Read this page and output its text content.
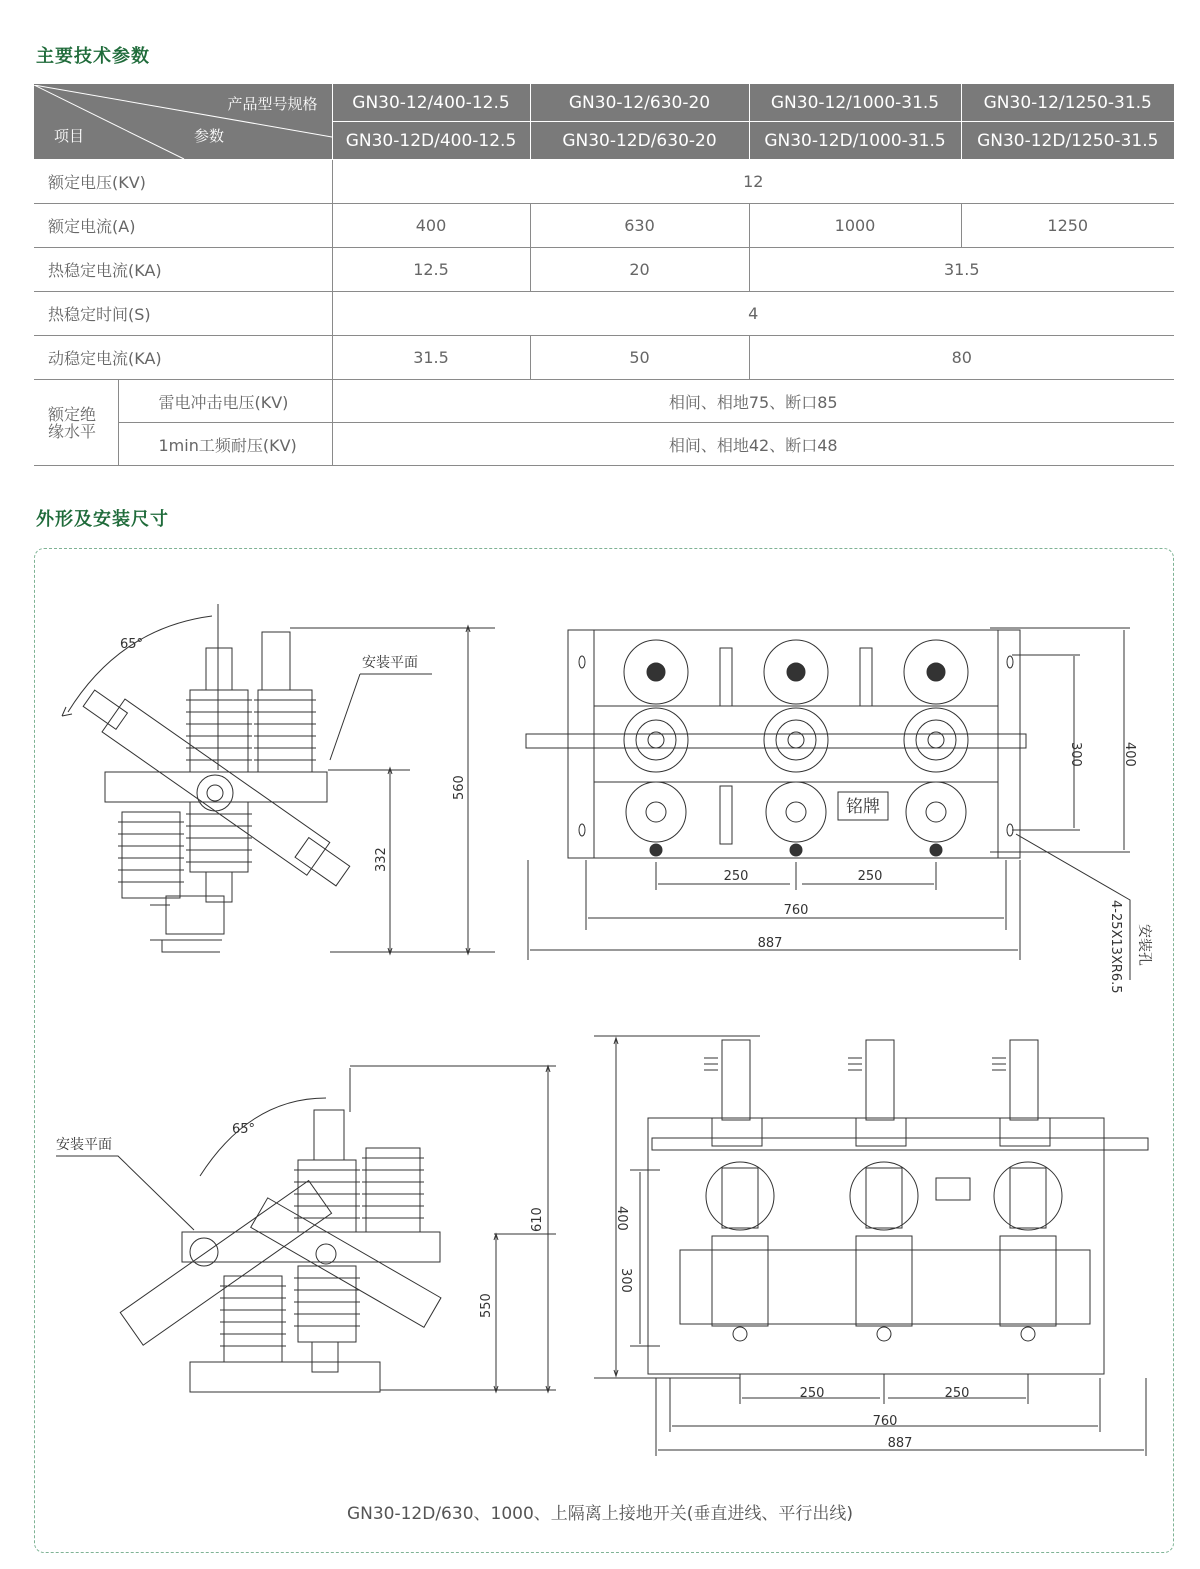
主要技术参数
产品型号规格
项目 参数		GN30-12/400-12.5	GN30-12/630-20	GN30-12/1000-31.5	GN30-12/1250-31.5
		GN30-12D/400-12.5	GN30-12D/630-20	GN30-12D/1000-31.5	GN30-12D/1250-31.5
额定电压(KV)		12			
额定电流(A)		400	630	1000	1250
热稳定电流(KA)		12.5	20	31.5	
热稳定时间(S)		4			
动稳定电流(KA)		31.5	50	80	
额定绝缘水平	雷电冲击电压(KV)	相间、相地75、断口85			
	1min工频耐压(KV)	相间、相地42、断口48			
外形及安装尺寸
65°
安装平面
560
332
铭牌
250	250
760
887
300	400
4-25X13XR6.5 安装孔
610
550
65°
安装平面
400
300
250	250
760
887
GN30-12D/630、1000、上隔离上接地开关(垂直进线、平行出线)
